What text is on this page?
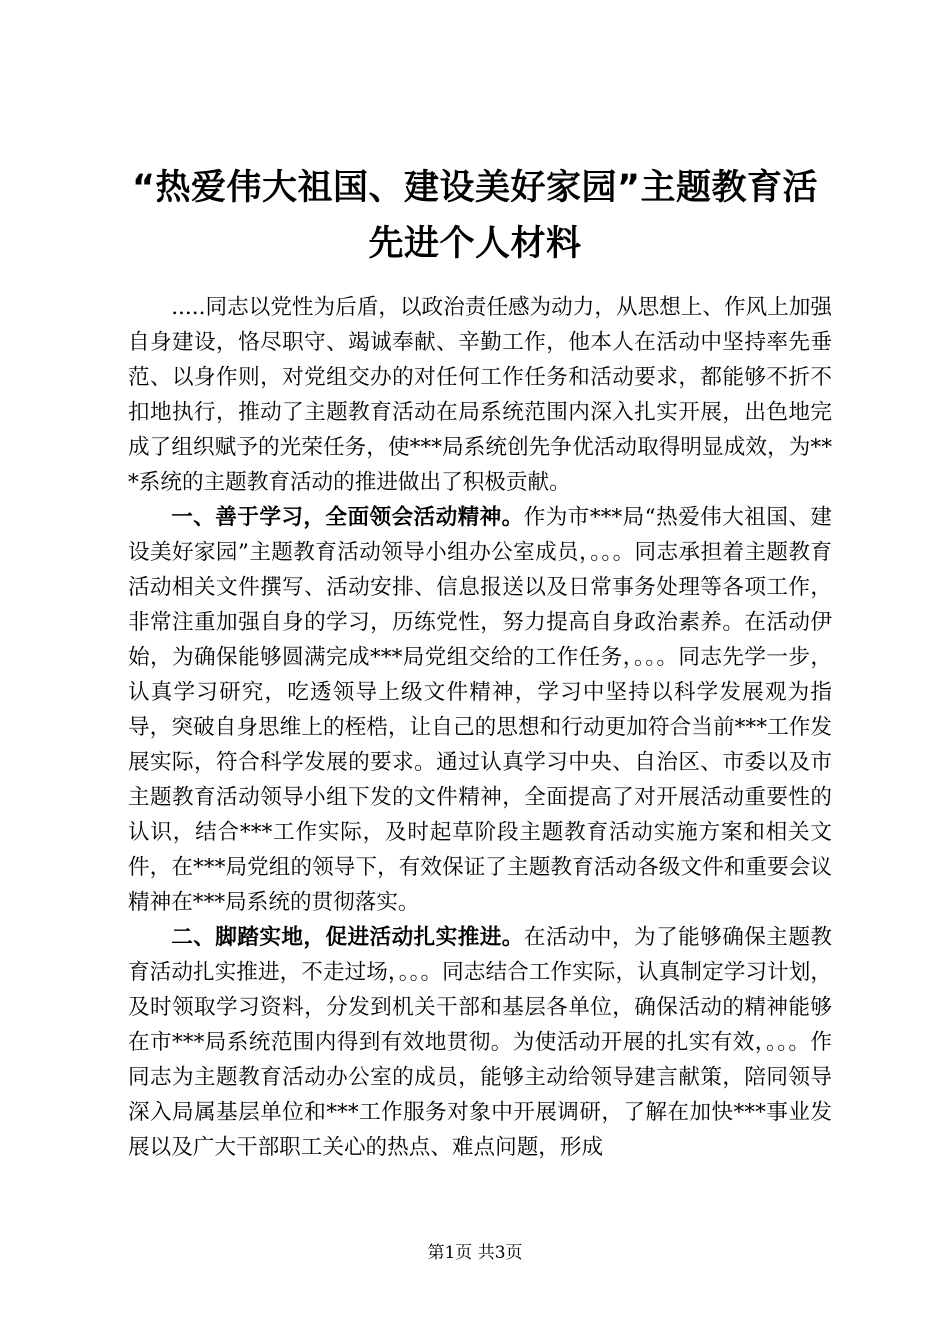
“热爱伟大祖国、建设美好家园”主题教育活
先进个人材料

.....同志以党性为后盾，以政治责任感为动力，从思想上、作风上加强自身建设，恪尽职守、竭诚奉献、辛勤工作，他本人在活动中坚持率先垂范、以身作则，对党组交办的对任何工作任务和活动要求，都能够不折不扣地执行，推动了主题教育活动在局系统范围内深入扎实开展，出色地完成了组织赋予的光荣任务，使***局系统创先争优活动取得明显成效，为***系统的主题教育活动的推进做出了积极贡献。

一、善于学习，全面领会活动精神。作为市***局“热爱伟大祖国、建设美好家园”主题教育活动领导小组办公室成员，。。。同志承担着主题教育活动相关文件撰写、活动安排、信息报送以及日常事务处理等各项工作，非常注重加强自身的学习，历练党性，努力提高自身政治素养。在活动伊始，为确保能够圆满完成***局党组交给的工作任务，。。。同志先学一步，认真学习研究，吃透领导上级文件精神，学习中坚持以科学发展观为指导，突破自身思维上的桎梏，让自己的思想和行动更加符合当前***工作发展实际，符合科学发展的要求。通过认真学习中央、自治区、市委以及市主题教育活动领导小组下发的文件精神，全面提高了对开展活动重要性的认识，结合***工作实际，及时起草阶段主题教育活动实施方案和相关文件，在***局党组的领导下，有效保证了主题教育活动各级文件和重要会议精神在***局系统的贯彻落实。

二、脚踏实地，促进活动扎实推进。在活动中，为了能够确保主题教育活动扎实推进，不走过场，。。。同志结合工作实际，认真制定学习计划，及时领取学习资料，分发到机关干部和基层各单位，确保活动的精神能够在市***局系统范围内得到有效地贯彻。为使活动开展的扎实有效，。。。作同志为主题教育活动办公室的成员，能够主动给领导建言献策，陪同领导深入局属基层单位和***工作服务对象中开展调研，了解在加快***事业发展以及广大干部职工关心的热点、难点问题，形成

第1页 共3页
